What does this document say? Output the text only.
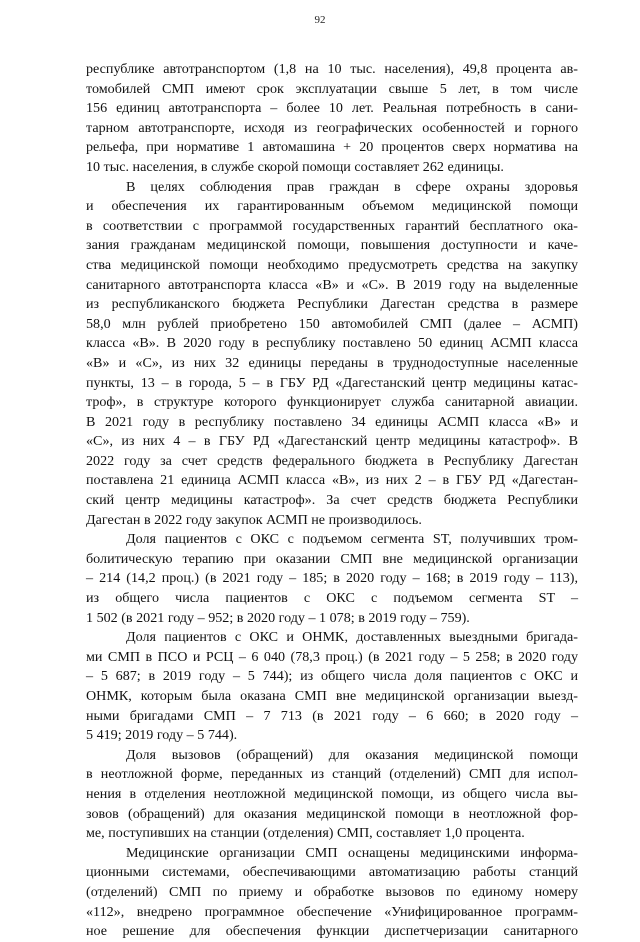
92

республике автотранспортом (1,8 на 10 тыс. населения), 49,8 процента ав-
томобилей СМП имеют срок эксплуатации свыше 5 лет, в том числе
156 единиц автотранспорта – более 10 лет. Реальная потребность в сани-
тарном автотранспорте, исходя из географических особенностей и горного
рельефа, при нормативе 1 автомашина + 20 процентов сверх норматива на
10 тыс. населения, в службе скорой помощи составляет 262 единицы.

В целях соблюдения прав граждан в сфере охраны здоровья
и обеспечения их гарантированным объемом медицинской помощи
в соответствии с программой государственных гарантий бесплатного ока-
зания гражданам медицинской помощи, повышения доступности и каче-
ства медицинской помощи необходимо предусмотреть средства на закупку
санитарного автотранспорта класса «В» и «С». В 2019 году на выделенные
из республиканского бюджета Республики Дагестан средства в размере
58,0 млн рублей приобретено 150 автомобилей СМП (далее – АСМП)
класса «В». В 2020 году в республику поставлено 50 единиц АСМП класса
«В» и «С», из них 32 единицы переданы в труднодоступные населенные
пункты, 13 – в города, 5 – в ГБУ РД «Дагестанский центр медицины катас-
троф», в структуре которого функционирует служба санитарной авиации.
В 2021 году в республику поставлено 34 единицы АСМП класса «В» и
«С», из них 4 – в ГБУ РД «Дагестанский центр медицины катастроф». В
2022 году за счет средств федерального бюджета в Республику Дагестан
поставлена 21 единица АСМП класса «В», из них 2 – в ГБУ РД «Дагестан-
ский центр медицины катастроф». За счет средств бюджета Республики
Дагестан в 2022 году закупок АСМП не производилось.

Доля пациентов с ОКС с подъемом сегмента ST, получивших тром-
болитическую терапию при оказании СМП вне медицинской организации
– 214 (14,2 проц.) (в 2021 году – 185; в 2020 году – 168; в 2019 году – 113),
из общего числа пациентов с ОКС с подъемом сегмента ST –
1 502 (в 2021 году – 952; в 2020 году – 1 078; в 2019 году – 759).

Доля пациентов с ОКС и ОНМК, доставленных выездными бригада-
ми СМП в ПСО и РСЦ – 6 040 (78,3 проц.) (в 2021 году – 5 258; в 2020 году
– 5 687; в 2019 году – 5 744); из общего числа доля пациентов с ОКС и
ОНМК, которым была оказана СМП вне медицинской организации выезд-
ными бригадами СМП – 7 713 (в 2021 году – 6 660; в 2020 году –
5 419; 2019 году – 5 744).

Доля вызовов (обращений) для оказания медицинской помощи
в неотложной форме, переданных из станций (отделений) СМП для испол-
нения в отделения неотложной медицинской помощи, из общего числа вы-
зовов (обращений) для оказания медицинской помощи в неотложной фор-
ме, поступивших на станции (отделения) СМП, составляет 1,0 процента.

Медицинские организации СМП оснащены медицинскими информа-
ционными системами, обеспечивающими автоматизацию работы станций
(отделений) СМП по приему и обработке вызовов по единому номеру
«112», внедрено программное обеспечение «Унифицированное программ-
ное решение для обеспечения функции диспетчеризации санитарного
